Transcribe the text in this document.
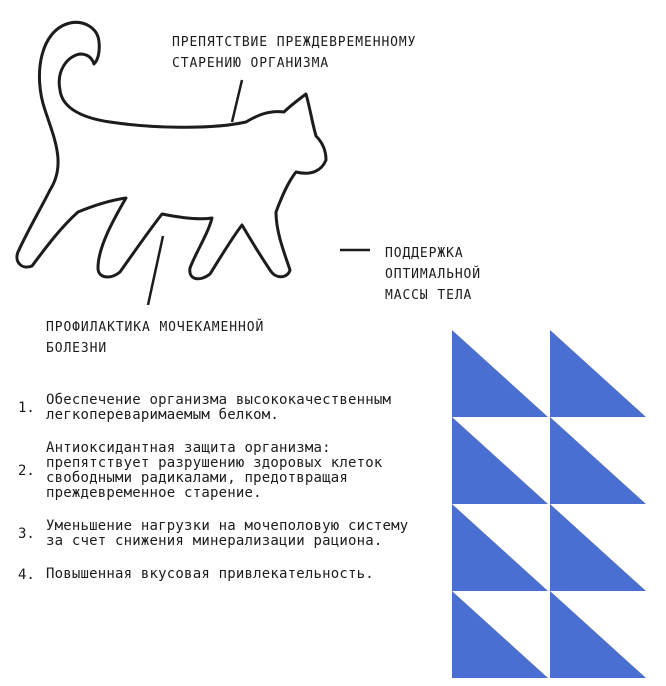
ПРЕПЯТСТВИЕ ПРЕЖДЕВРЕМЕННОМУ
СТАРЕНИЮ ОРГАНИЗМА
ПОДДЕРЖКА
ОПТИМАЛЬНОЙ
МАССЫ ТЕЛА
ПРОФИЛАКТИКА МОЧЕКАМЕННОЙ
БОЛЕЗНИ
1. Обеспечение организма высококачественным
легкопереваримаемым белком.
2.
Антиоксидантная защита организма:
препятствует разрушению здоровых клеток
свободными радикалами, предотвращая
преждевременное старение.
3. Уменьшение нагрузки на мочеполовую систему
за счет снижения минерализации рациона.
4. Повышенная вкусовая привлекательность.
